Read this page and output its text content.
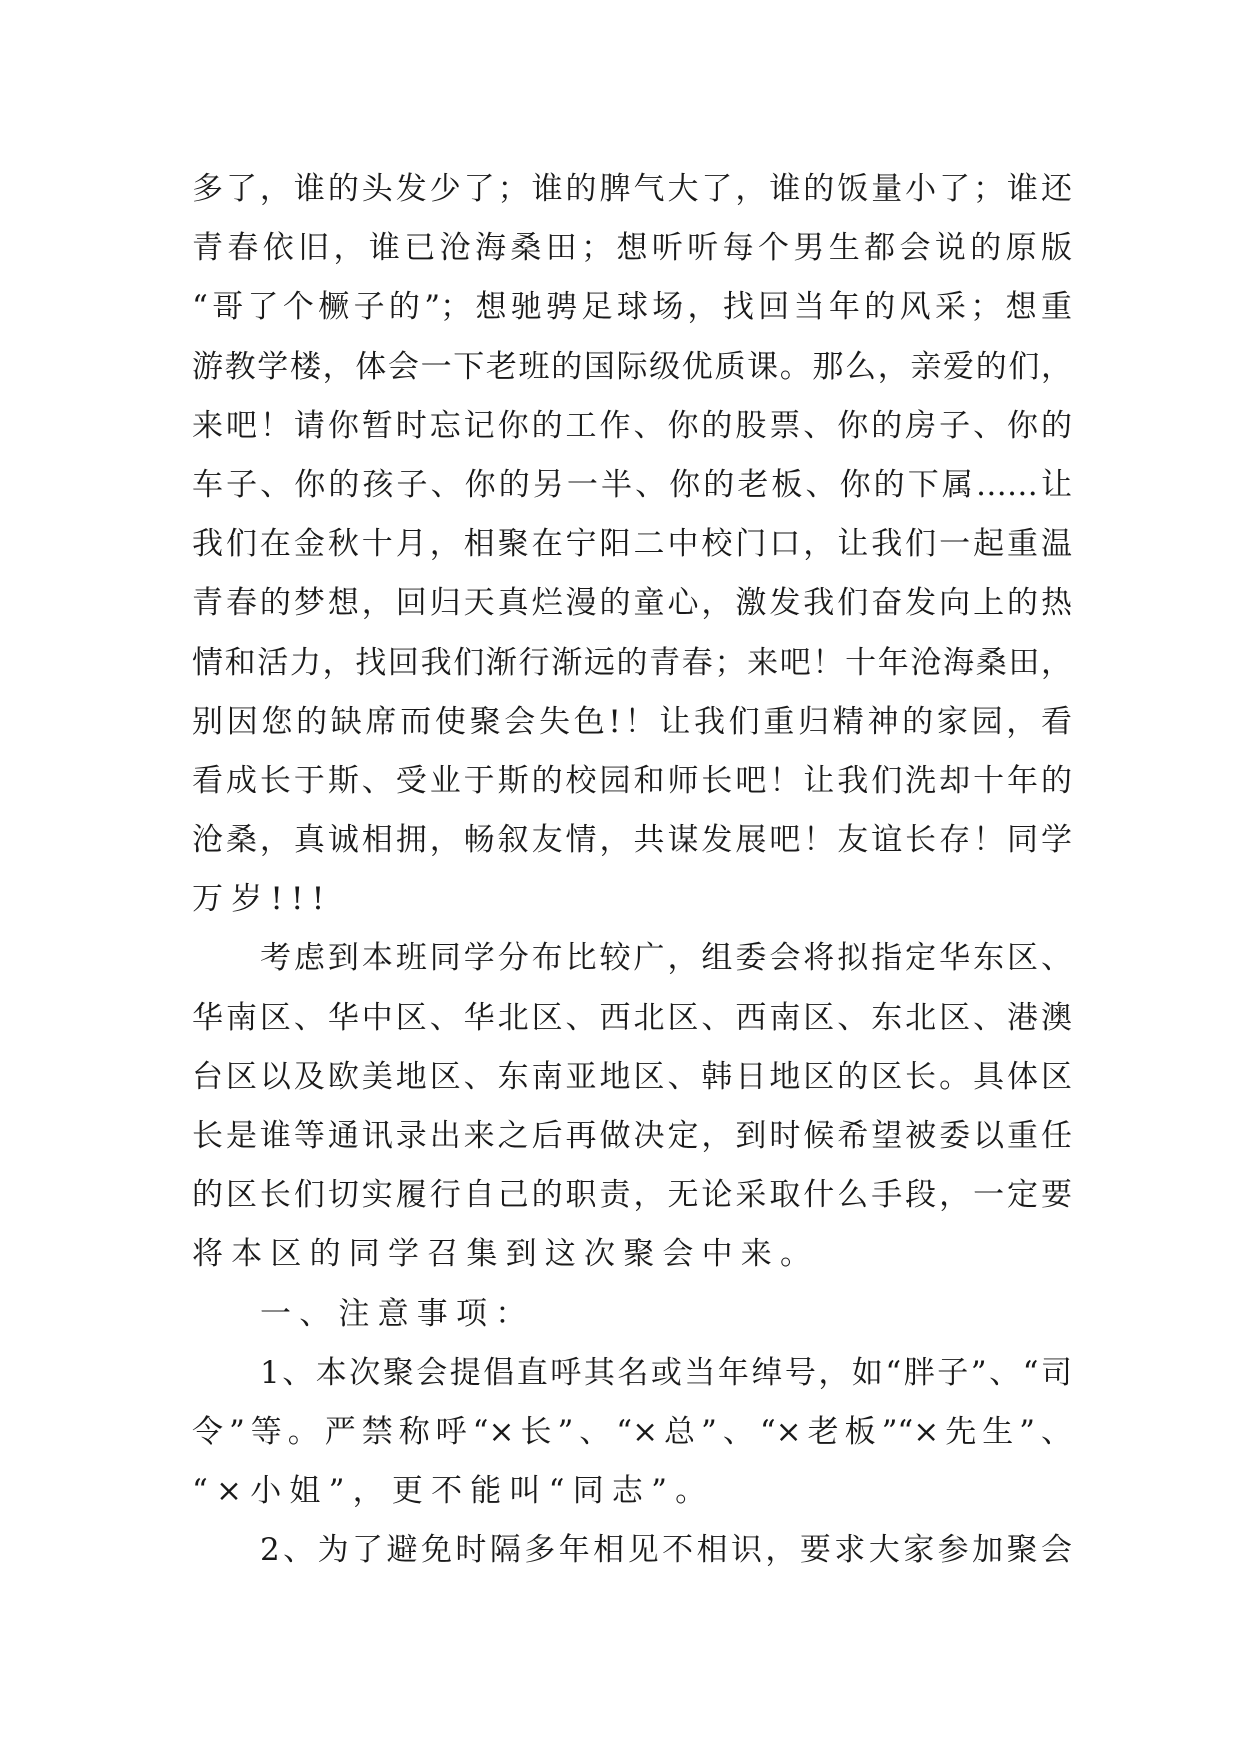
多了，谁的头发少了；谁的脾气大了，谁的饭量小了；谁还
青春依旧，谁已沧海桑田；想听听每个男生都会说的原版
“哥了个橛子的”；想驰骋足球场，找回当年的风采；想重
游教学楼，体会一下老班的国际级优质课。那么，亲爱的们，
来吧！请你暂时忘记你的工作、你的股票、你的房子、你的
车子、你的孩子、你的另一半、你的老板、你的下属……让
我们在金秋十月，相聚在宁阳二中校门口，让我们一起重温
青春的梦想，回归天真烂漫的童心，激发我们奋发向上的热
情和活力，找回我们渐行渐远的青春；来吧！十年沧海桑田，
别因您的缺席而使聚会失色!！让我们重归精神的家园，看
看成长于斯、受业于斯的校园和师长吧！让我们洗却十年的
沧桑，真诚相拥，畅叙友情，共谋发展吧！友谊长存！同学
万岁!!!
考虑到本班同学分布比较广，组委会将拟指定华东区、
华南区、华中区、华北区、西北区、西南区、东北区、港澳
台区以及欧美地区、东南亚地区、韩日地区的区长。具体区
长是谁等通讯录出来之后再做决定，到时候希望被委以重任
的区长们切实履行自己的职责，无论采取什么手段，一定要
将本区的同学召集到这次聚会中来。
一、注意事项：
1、本次聚会提倡直呼其名或当年绰号，如“胖子”、“司
令”等。严禁称呼“×长”、“×总”、“×老板”“×先生”、
“×小姐”，更不能叫“同志”。
2、为了避免时隔多年相见不相识，要求大家参加聚会
